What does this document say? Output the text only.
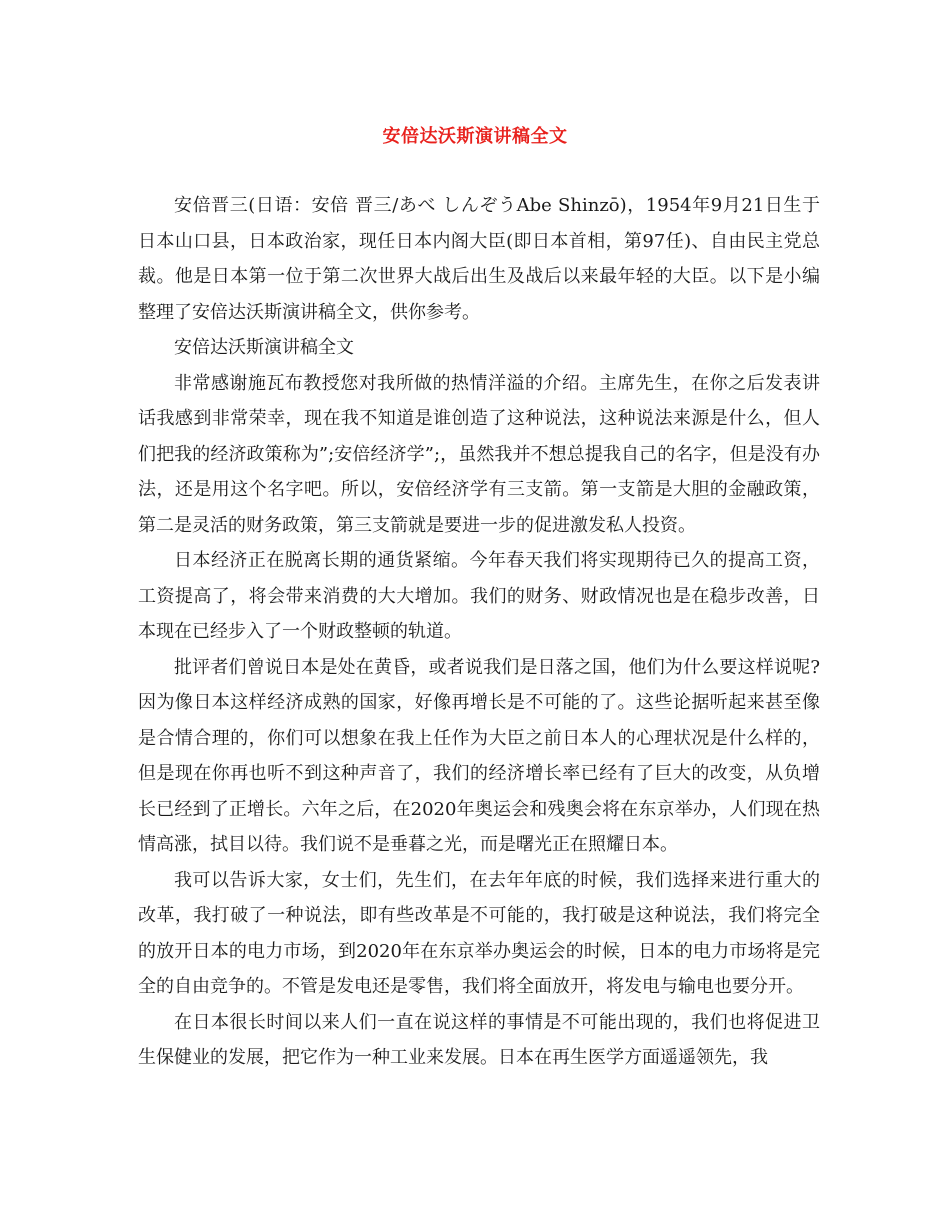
安倍达沃斯演讲稿全文

安倍晋三(日语：安倍 晋三/あべ しんぞうAbe Shinzō)，1954年9月21日生于日本山口县，日本政治家，现任日本内阁大臣(即日本首相，第97任)、自由民主党总裁。他是日本第一位于第二次世界大战后出生及战后以来最年轻的大臣。以下是小编整理了安倍达沃斯演讲稿全文，供你参考。

安倍达沃斯演讲稿全文

非常感谢施瓦布教授您对我所做的热情洋溢的介绍。主席先生，在你之后发表讲话我感到非常荣幸，现在我不知道是谁创造了这种说法，这种说法来源是什么，但人们把我的经济政策称为”;安倍经济学”;，虽然我并不想总提我自己的名字，但是没有办法，还是用这个名字吧。所以，安倍经济学有三支箭。第一支箭是大胆的金融政策，第二是灵活的财务政策，第三支箭就是要进一步的促进激发私人投资。

日本经济正在脱离长期的通货紧缩。今年春天我们将实现期待已久的提高工资，工资提高了，将会带来消费的大大增加。我们的财务、财政情况也是在稳步改善，日本现在已经步入了一个财政整顿的轨道。

批评者们曾说日本是处在黄昏，或者说我们是日落之国，他们为什么要这样说呢?因为像日本这样经济成熟的国家，好像再增长是不可能的了。这些论据听起来甚至像是合情合理的，你们可以想象在我上任作为大臣之前日本人的心理状况是什么样的，但是现在你再也听不到这种声音了，我们的经济增长率已经有了巨大的改变，从负增长已经到了正增长。六年之后，在2020年奥运会和残奥会将在东京举办，人们现在热情高涨，拭目以待。我们说不是垂暮之光，而是曙光正在照耀日本。

我可以告诉大家，女士们，先生们，在去年年底的时候，我们选择来进行重大的改革，我打破了一种说法，即有些改革是不可能的，我打破是这种说法，我们将完全的放开日本的电力市场，到2020年在东京举办奥运会的时候，日本的电力市场将是完全的自由竞争的。不管是发电还是零售，我们将全面放开，将发电与输电也要分开。

在日本很长时间以来人们一直在说这样的事情是不可能出现的，我们也将促进卫生保健业的发展，把它作为一种工业来发展。日本在再生医学方面遥遥领先，我
